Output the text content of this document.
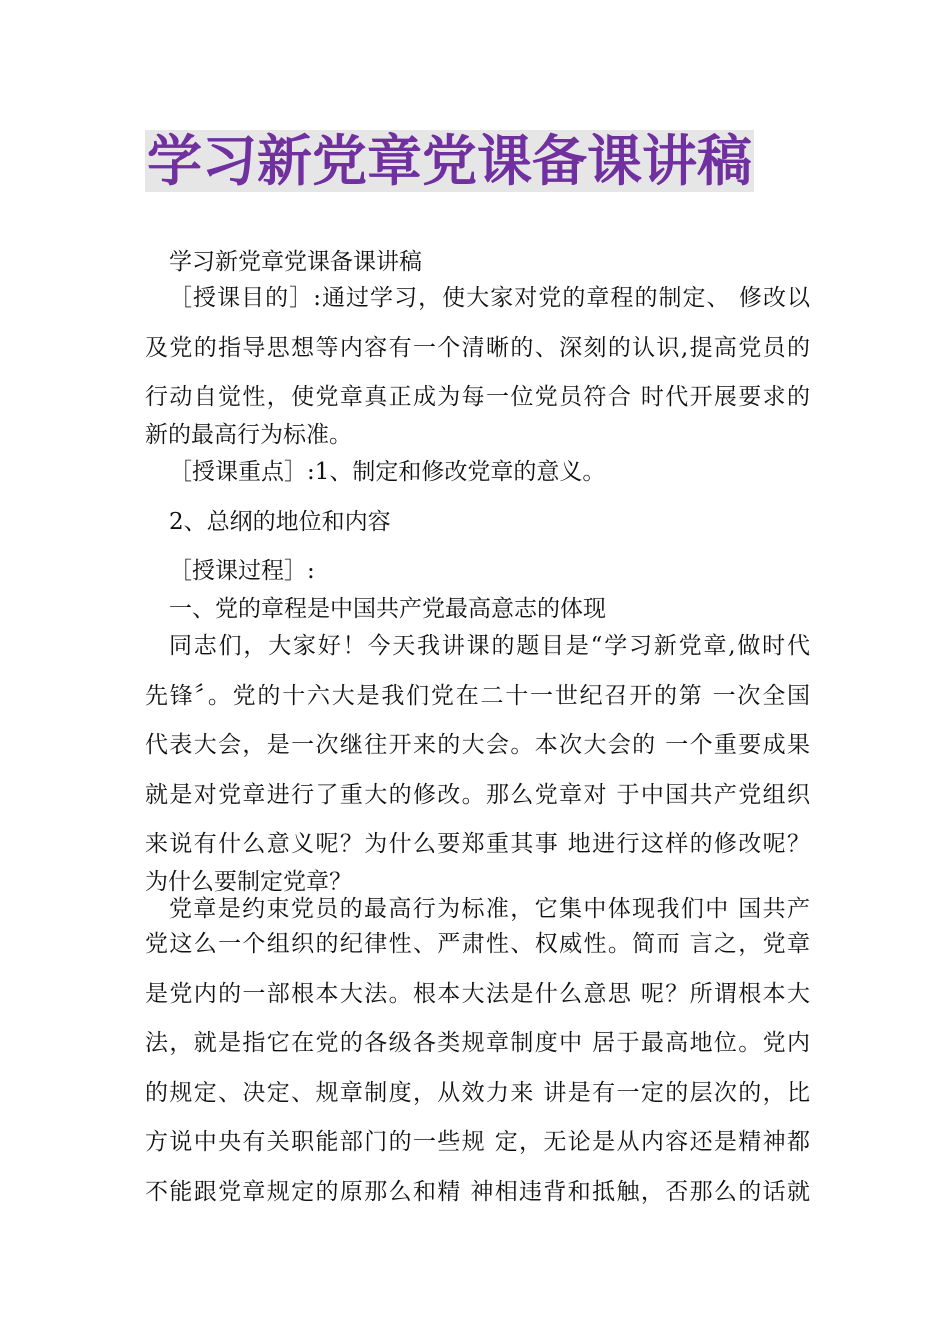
学习新党章党课备课讲稿
学习新党章党课备课讲稿
［授课目的］:通过学习，使大家对党的章程的制定、 修改以
及党的指导思想等内容有一个清晰的、深刻的认识,提高党员的
行动自觉性，使党章真正成为每一位党员符合 时代开展要求的
新的最高行为标准。
［授课重点］:1、制定和修改党章的意义。
2、总纲的地位和内容
［授课过程］:
一、党的章程是中国共产党最高意志的体现
同志们，大家好！今天我讲课的题目是“学习新党章,做时代
先锋〞。党的十六大是我们党在二十一世纪召开的第 一次全国
代表大会，是一次继往开来的大会。本次大会的 一个重要成果
就是对党章进行了重大的修改。那么党章对 于中国共产党组织
来说有什么意义呢？为什么要郑重其事 地进行这样的修改呢？
为什么要制定党章？
党章是约束党员的最高行为标准，它集中体现我们中 国共产
党这么一个组织的纪律性、严肃性、权威性。简而 言之，党章
是党内的一部根本大法。根本大法是什么意思 呢？所谓根本大
法，就是指它在党的各级各类规章制度中 居于最高地位。党内
的规定、决定、规章制度，从效力来 讲是有一定的层次的，比
方说中央有关职能部门的一些规 定，无论是从内容还是精神都
不能跟党章规定的原那么和精 神相违背和抵触，否那么的话就
